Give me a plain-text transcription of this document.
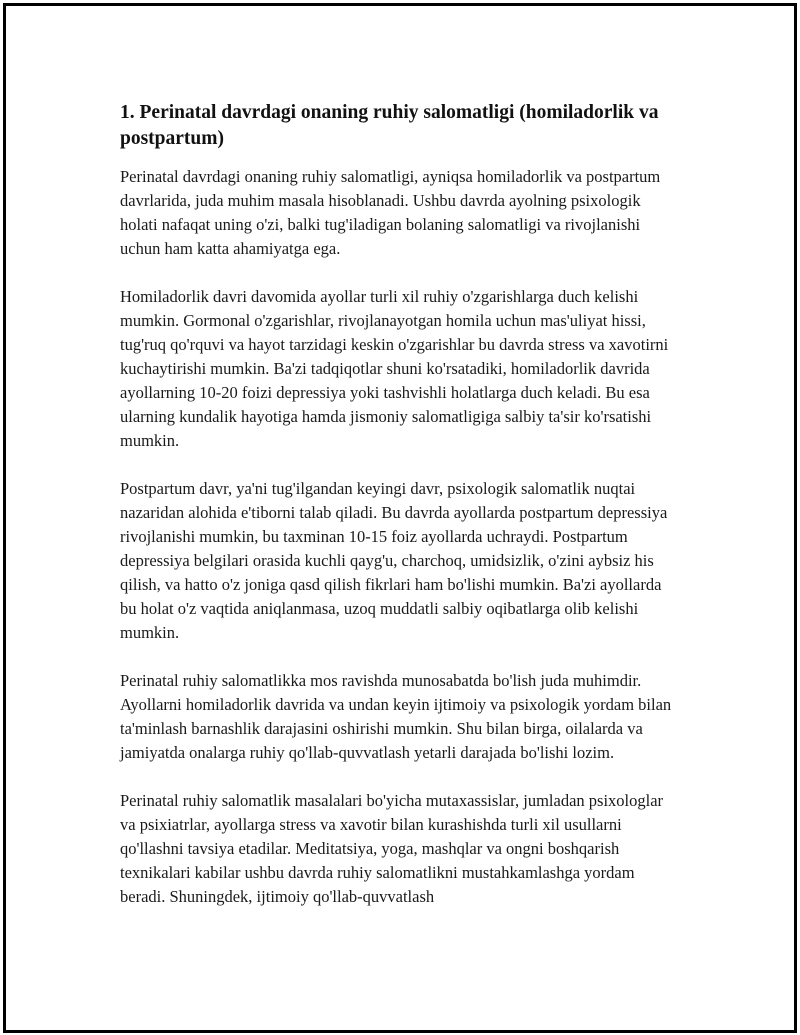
1. Perinatal davrdagi onaning ruhiy salomatligi (homiladorlik va postpartum)

Perinatal davrdagi onaning ruhiy salomatligi, ayniqsa homiladorlik va postpartum davrlarida, juda muhim masala hisoblanadi. Ushbu davrda ayolning psixologik holati nafaqat uning o'zi, balki tug'iladigan bolaning salomatligi va rivojlanishi uchun ham katta ahamiyatga ega.

Homiladorlik davri davomida ayollar turli xil ruhiy o'zgarishlarga duch kelishi mumkin. Gormonal o'zgarishlar, rivojlanayotgan homila uchun mas'uliyat hissi, tug'ruq qo'rquvi va hayot tarzidagi keskin o'zgarishlar bu davrda stress va xavotirni kuchaytirishi mumkin. Ba'zi tadqiqotlar shuni ko'rsatadiki, homiladorlik davrida ayollarning 10-20 foizi depressiya yoki tashvishli holatlarga duch keladi. Bu esa ularning kundalik hayotiga hamda jismoniy salomatligiga salbiy ta'sir ko'rsatishi mumkin.

Postpartum davr, ya'ni tug'ilgandan keyingi davr, psixologik salomatlik nuqtai nazaridan alohida e'tiborni talab qiladi. Bu davrda ayollarda postpartum depressiya rivojlanishi mumkin, bu taxminan 10-15 foiz ayollarda uchraydi. Postpartum depressiya belgilari orasida kuchli qayg'u, charchoq, umidsizlik, o'zini aybsiz his qilish, va hatto o'z joniga qasd qilish fikrlari ham bo'lishi mumkin. Ba'zi ayollarda bu holat o'z vaqtida aniqlanmasa, uzoq muddatli salbiy oqibatlarga olib kelishi mumkin.

Perinatal ruhiy salomatlikka mos ravishda munosabatda bo'lish juda muhimdir. Ayollarni homiladorlik davrida va undan keyin ijtimoiy va psixologik yordam bilan ta'minlash barnashlik darajasini oshirishi mumkin. Shu bilan birga, oilalarda va jamiyatda onalarga ruhiy qo'llab-quvvatlash yetarli darajada bo'lishi lozim.

Perinatal ruhiy salomatlik masalalari bo'yicha mutaxassislar, jumladan psixologlar va psixiatrlar, ayollarga stress va xavotir bilan kurashishda turli xil usullarni qo'llashni tavsiya etadilar. Meditatsiya, yoga, mashqlar va ongni boshqarish texnikalari kabilar ushbu davrda ruhiy salomatlikni mustahkamlashga yordam beradi. Shuningdek, ijtimoiy qo'llab-quvvatlash
